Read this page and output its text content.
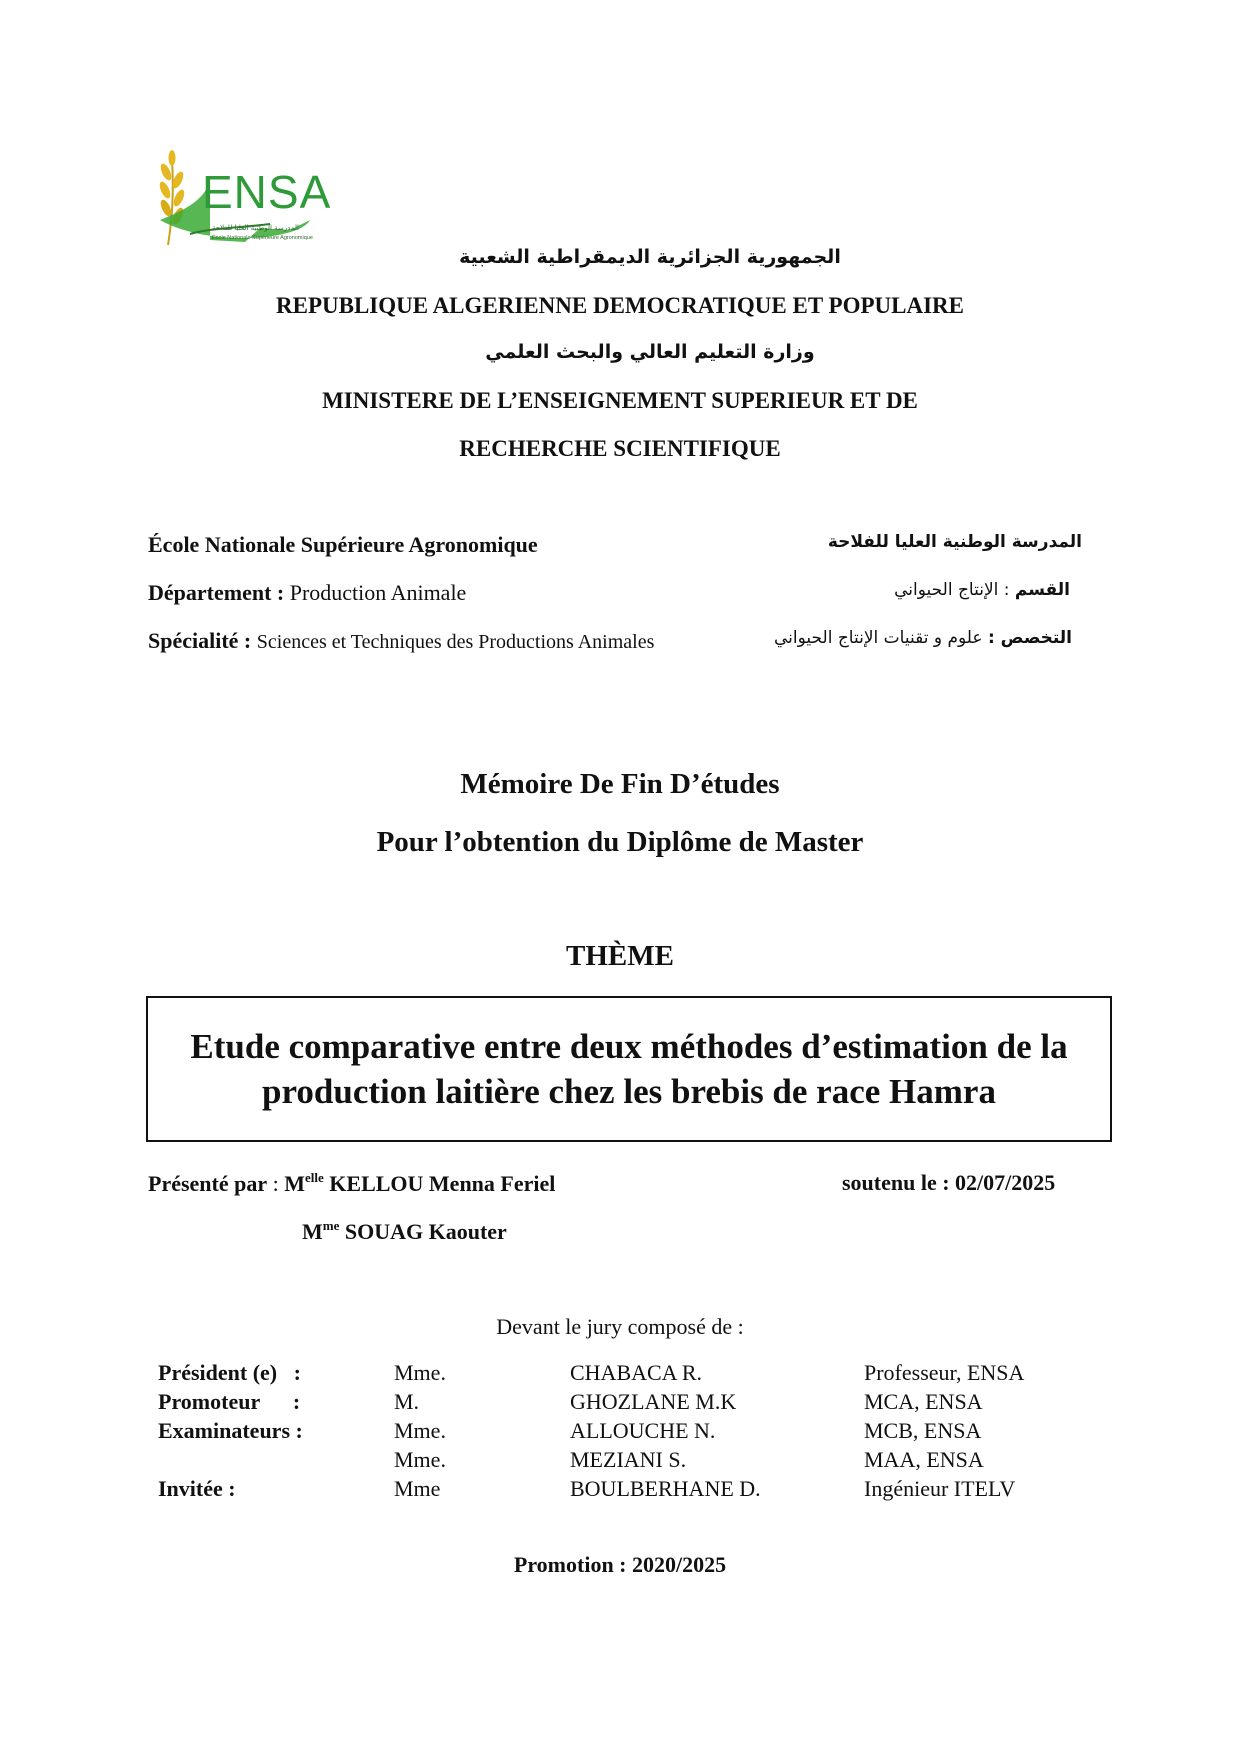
ENSA
المدرسة الوطنية العليا للفلاحة
École Nationale Supérieure Agronomique
الجمهورية الجزائرية الديمقراطية الشعبية
REPUBLIQUE ALGERIENNE DEMOCRATIQUE ET POPULAIRE
وزارة التعليم العالي والبحث العلمي
MINISTERE DE L’ENSEIGNEMENT SUPERIEUR ET DE
RECHERCHE SCIENTIFIQUE
École Nationale Supérieure Agronomique
Département : Production Animale
Spécialité : Sciences et Techniques des Productions Animales
المدرسة الوطنية العليا للفلاحة
القسم : الإنتاج الحيواني
التخصص : علوم و تقنيات الإنتاج الحيواني
Mémoire De Fin D’études
Pour l’obtention du Diplôme de Master
THÈME
Etude comparative entre deux méthodes d’estimation de la production laitière chez les brebis de race Hamra
Présenté par : $M^{elle}$ KELLOU Menna Feriel
$M^{me}$ SOUAG Kaouter
soutenu le : 02/07/2025
Devant le jury composé de :
Président (e)   :	Mme.	CHABACA R.	Professeur, ENSA
Promoteur      :	M.	GHOZLANE M.K	MCA, ENSA
Examinateurs :	Mme.	ALLOUCHE N.	MCB, ENSA
	Mme.	MEZIANI S.	MAA, ENSA
Invitée :	Mme	BOULBERHANE D.	Ingénieur ITELV
Promotion : 2020/2025
